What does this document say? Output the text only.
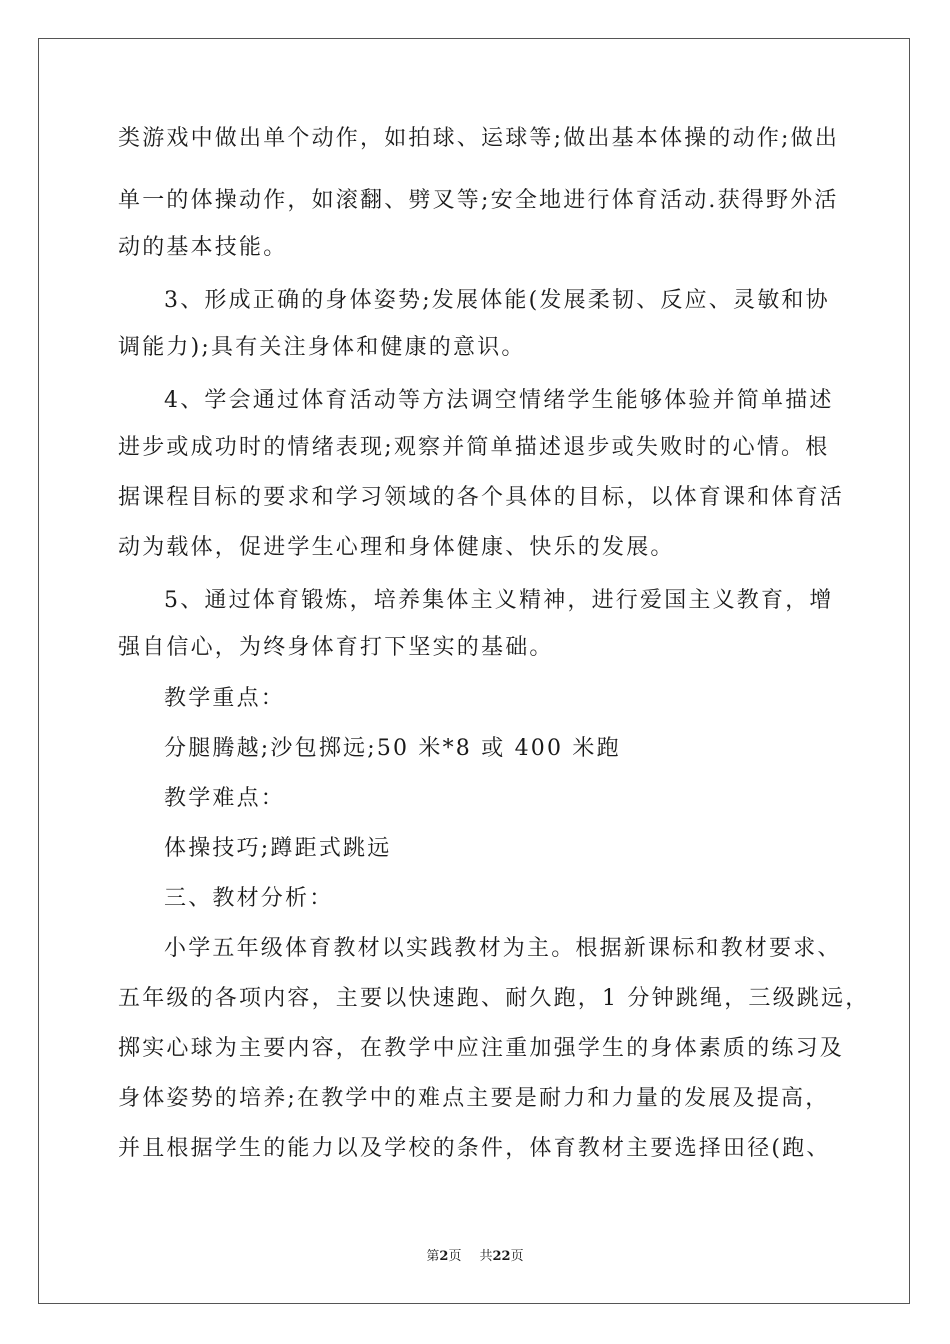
类游戏中做出单个动作，如拍球、运球等;做出基本体操的动作;做出
单一的体操动作，如滚翻、劈叉等;安全地进行体育活动.获得野外活
动的基本技能。
3、形成正确的身体姿势;发展体能(发展柔韧、反应、灵敏和协
调能力);具有关注身体和健康的意识。
4、学会通过体育活动等方法调空情绪学生能够体验并简单描述
进步或成功时的情绪表现;观察并简单描述退步或失败时的心情。根
据课程目标的要求和学习领域的各个具体的目标，以体育课和体育活
动为载体，促进学生心理和身体健康、快乐的发展。
5、通过体育锻炼，培养集体主义精神，进行爱国主义教育，增
强自信心，为终身体育打下坚实的基础。
教学重点：
分腿腾越;沙包掷远;50 米*8 或 400 米跑
教学难点：
体操技巧;蹲距式跳远
三、教材分析：
小学五年级体育教材以实践教材为主。根据新课标和教材要求、
五年级的各项内容，主要以快速跑、耐久跑，1 分钟跳绳，三级跳远，
掷实心球为主要内容，在教学中应注重加强学生的身体素质的练习及
身体姿势的培养;在教学中的难点主要是耐力和力量的发展及提高，
并且根据学生的能力以及学校的条件，体育教材主要选择田径(跑、
第2页 共22页
